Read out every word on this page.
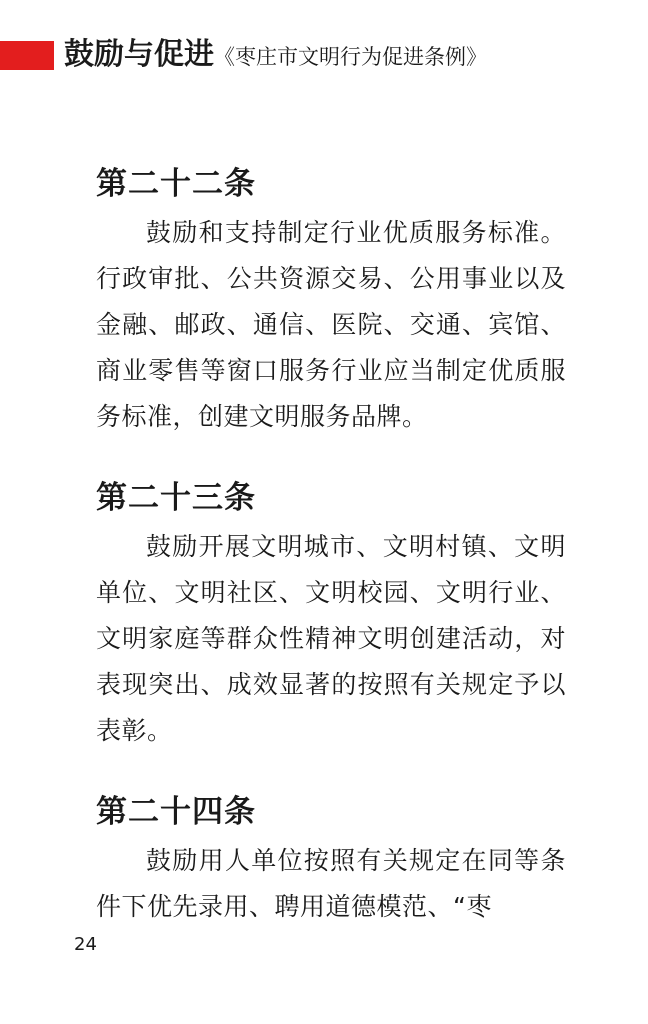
鼓励与促进《枣庄市文明行为促进条例》
第二十二条

鼓励和支持制定行业优质服务标准。行政审批、公共资源交易、公用事业以及金融、邮政、通信、医院、交通、宾馆、商业零售等窗口服务行业应当制定优质服务标准，创建文明服务品牌。

第二十三条

鼓励开展文明城市、文明村镇、文明单位、文明社区、文明校园、文明行业、文明家庭等群众性精神文明创建活动，对表现突出、成效显著的按照有关规定予以表彰。

第二十四条

鼓励用人单位按照有关规定在同等条件下优先录用、聘用道德模范、“枣

24
